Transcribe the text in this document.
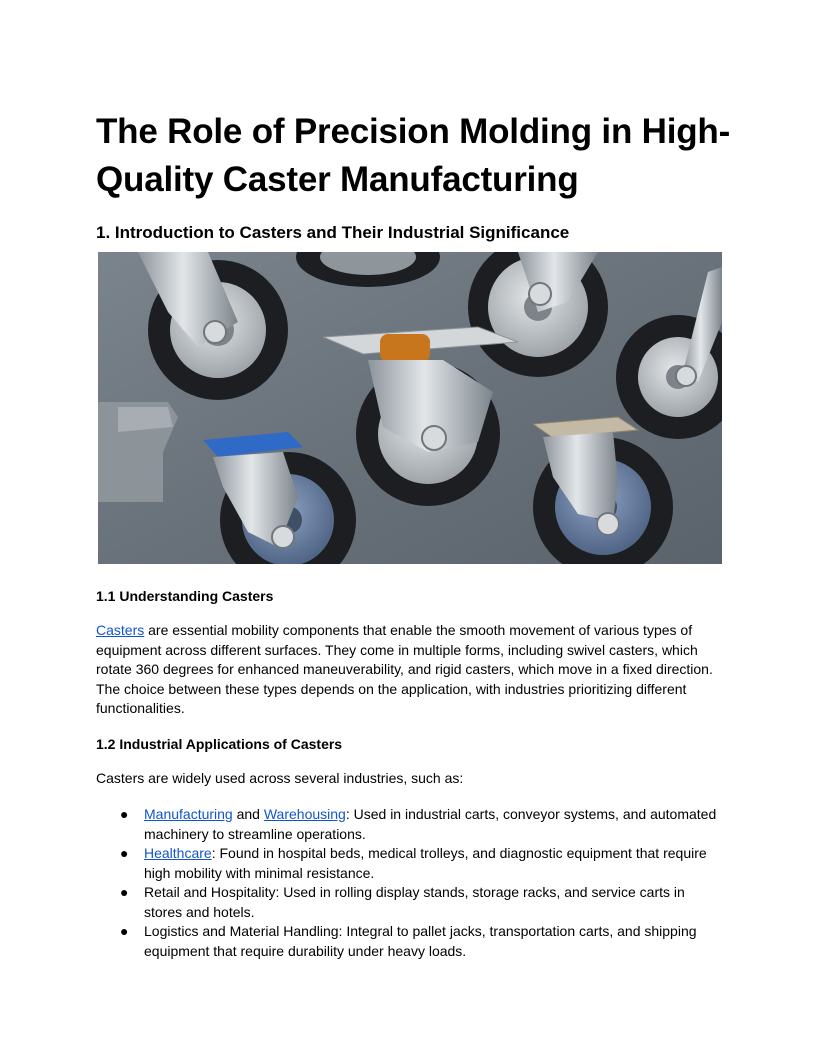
The Role of Precision Molding in High-Quality Caster Manufacturing
1. Introduction to Casters and Their Industrial Significance
1.1 Understanding Casters

Casters are essential mobility components that enable the smooth movement of various types of equipment across different surfaces. They come in multiple forms, including swivel casters, which rotate 360 degrees for enhanced maneuverability, and rigid casters, which move in a fixed direction. The choice between these types depends on the application, with industries prioritizing different functionalities.

1.2 Industrial Applications of Casters

Casters are widely used across several industries, such as:

● Manufacturing and Warehousing: Used in industrial carts, conveyor systems, and automated machinery to streamline operations.
● Healthcare: Found in hospital beds, medical trolleys, and diagnostic equipment that require high mobility with minimal resistance.
● Retail and Hospitality: Used in rolling display stands, storage racks, and service carts in stores and hotels.
● Logistics and Material Handling: Integral to pallet jacks, transportation carts, and shipping equipment that require durability under heavy loads.
